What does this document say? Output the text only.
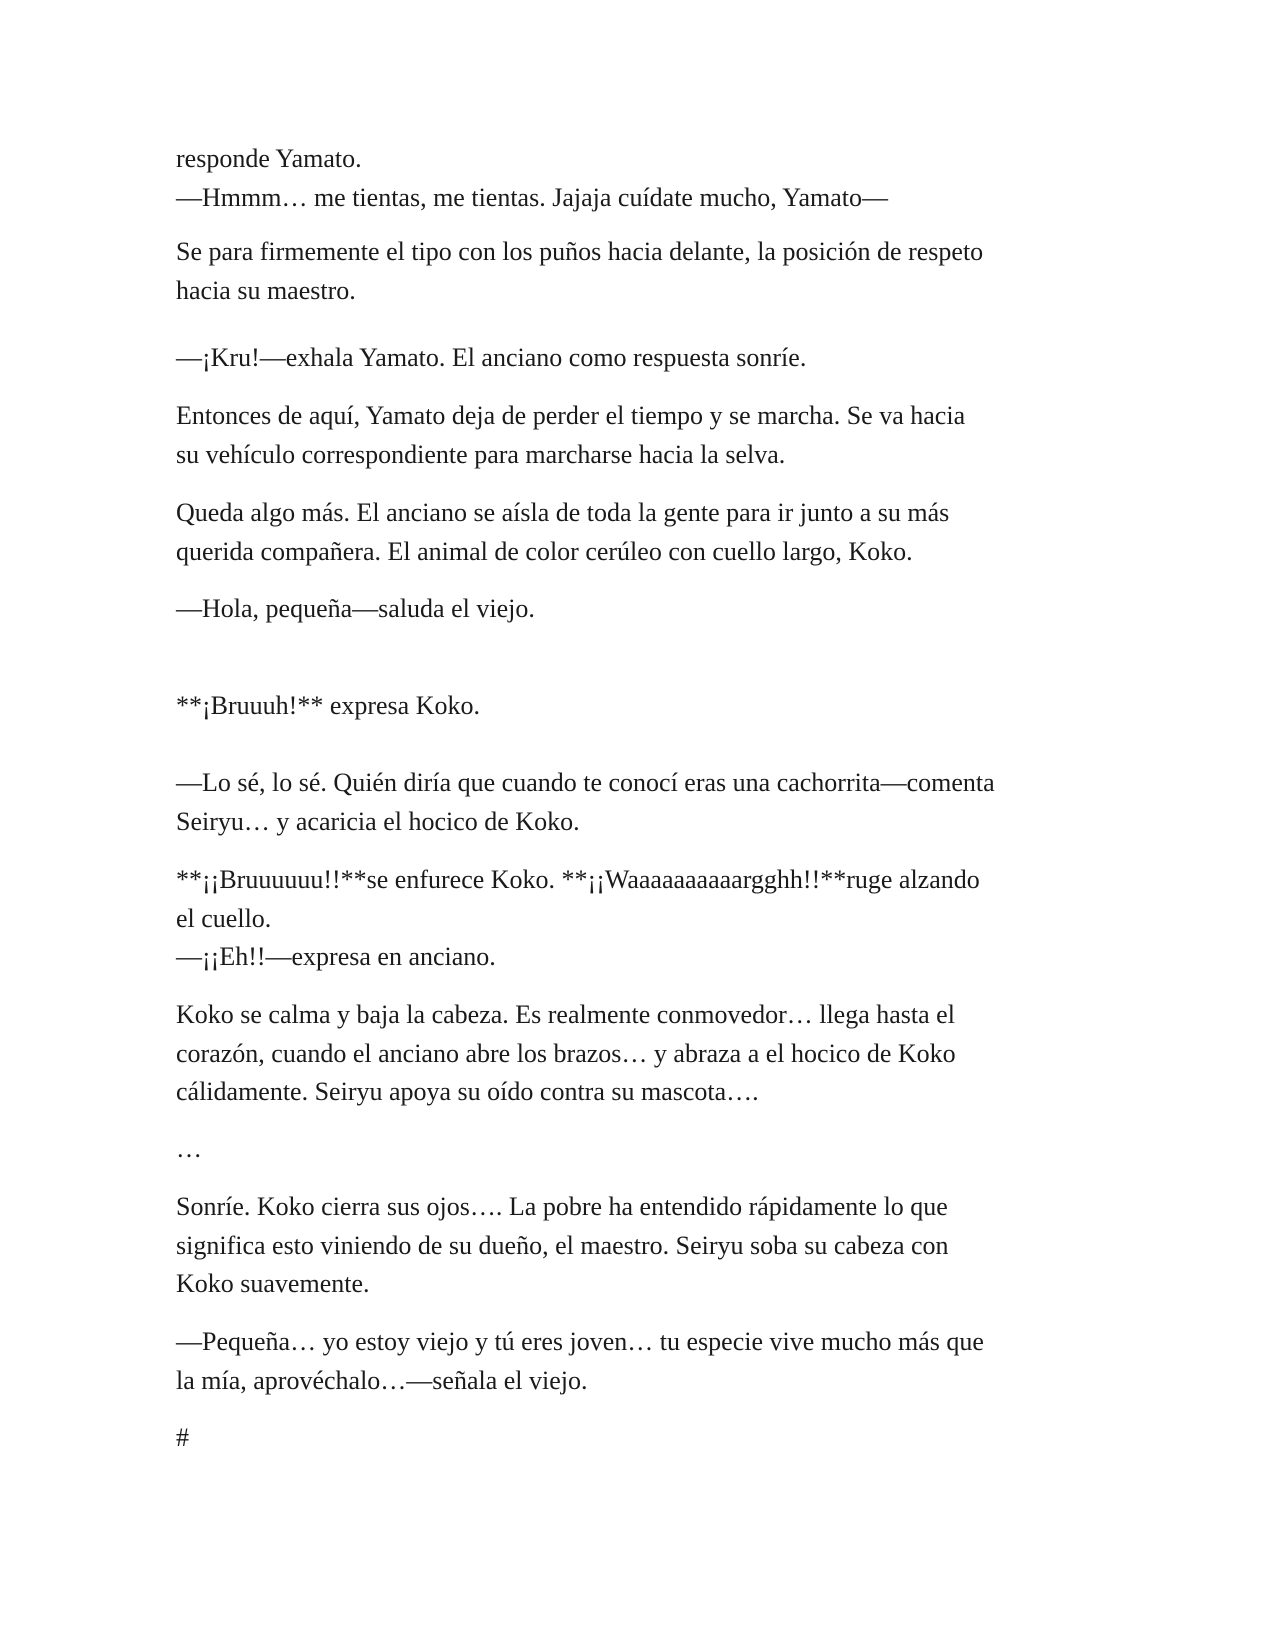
responde Yamato.
—Hmmm… me tientas, me tientas. Jajaja cuídate mucho, Yamato—

Se para firmemente el tipo con los puños hacia delante, la posición de respeto
hacia su maestro.

—¡Kru!—exhala Yamato. El anciano como respuesta sonríe.

Entonces de aquí, Yamato deja de perder el tiempo y se marcha. Se va hacia
su vehículo correspondiente para marcharse hacia la selva.

Queda algo más. El anciano se aísla de toda la gente para ir junto a su más
querida compañera. El animal de color cerúleo con cuello largo, Koko.

—Hola, pequeña—saluda el viejo.

**¡Bruuuh!** expresa Koko.

—Lo sé, lo sé. Quién diría que cuando te conocí eras una cachorrita—comenta
Seiryu… y acaricia el hocico de Koko.

**¡¡Bruuuuuu!!**se enfurece Koko. **¡¡Waaaaaaaaaargghh!!**ruge alzando
el cuello.
—¡¡Eh!!—expresa en anciano.

Koko se calma y baja la cabeza. Es realmente conmovedor… llega hasta el
corazón, cuando el anciano abre los brazos… y abraza a el hocico de Koko
cálidamente. Seiryu apoya su oído contra su mascota….

…

Sonríe. Koko cierra sus ojos…. La pobre ha entendido rápidamente lo que
significa esto viniendo de su dueño, el maestro. Seiryu soba su cabeza con
Koko suavemente.

—Pequeña… yo estoy viejo y tú eres joven… tu especie vive mucho más que
la mía, aprovéchalo…—señala el viejo.

#
